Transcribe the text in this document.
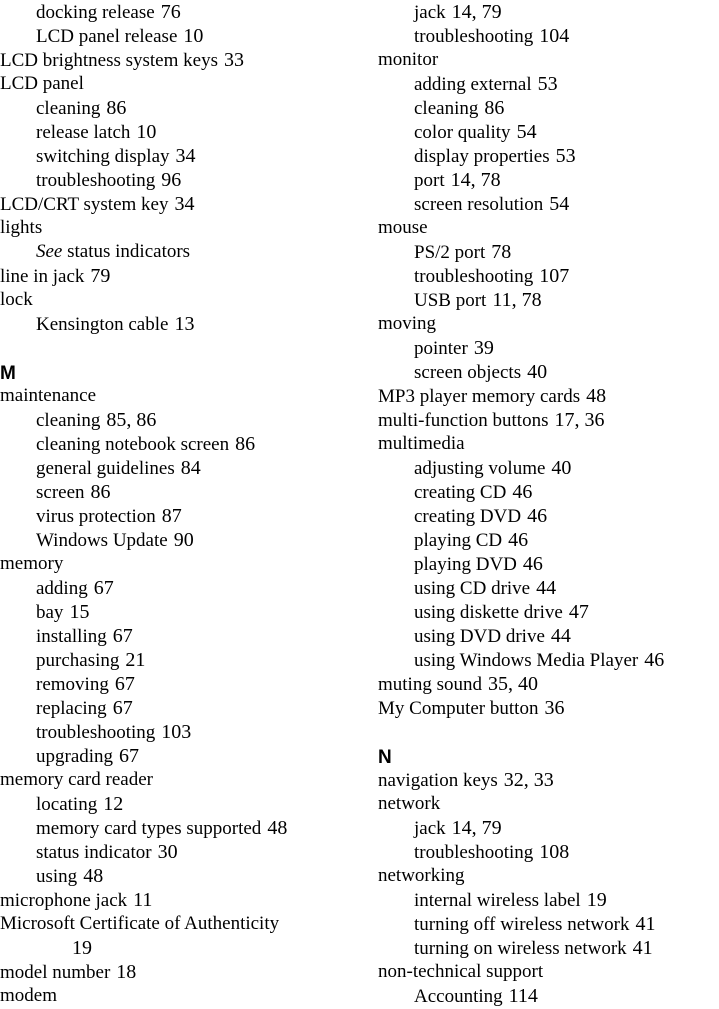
docking release 76
LCD panel release 10
LCD brightness system keys 33
LCD panel
cleaning 86
release latch 10
switching display 34
troubleshooting 96
LCD/CRT system key 34
lights
See status indicators
line in jack 79
lock
Kensington cable 13
M
maintenance
cleaning 85, 86
cleaning notebook screen 86
general guidelines 84
screen 86
virus protection 87
Windows Update 90
memory
adding 67
bay 15
installing 67
purchasing 21
removing 67
replacing 67
troubleshooting 103
upgrading 67
memory card reader
locating 12
memory card types supported 48
status indicator 30
using 48
microphone jack 11
Microsoft Certificate of Authenticity
19
model number 18
modem
jack 14, 79
troubleshooting 104
monitor
adding external 53
cleaning 86
color quality 54
display properties 53
port 14, 78
screen resolution 54
mouse
PS/2 port 78
troubleshooting 107
USB port 11, 78
moving
pointer 39
screen objects 40
MP3 player memory cards 48
multi-function buttons 17, 36
multimedia
adjusting volume 40
creating CD 46
creating DVD 46
playing CD 46
playing DVD 46
using CD drive 44
using diskette drive 47
using DVD drive 44
using Windows Media Player 46
muting sound 35, 40
My Computer button 36
N
navigation keys 32, 33
network
jack 14, 79
troubleshooting 108
networking
internal wireless label 19
turning off wireless network 41
turning on wireless network 41
non-technical support
Accounting 114
